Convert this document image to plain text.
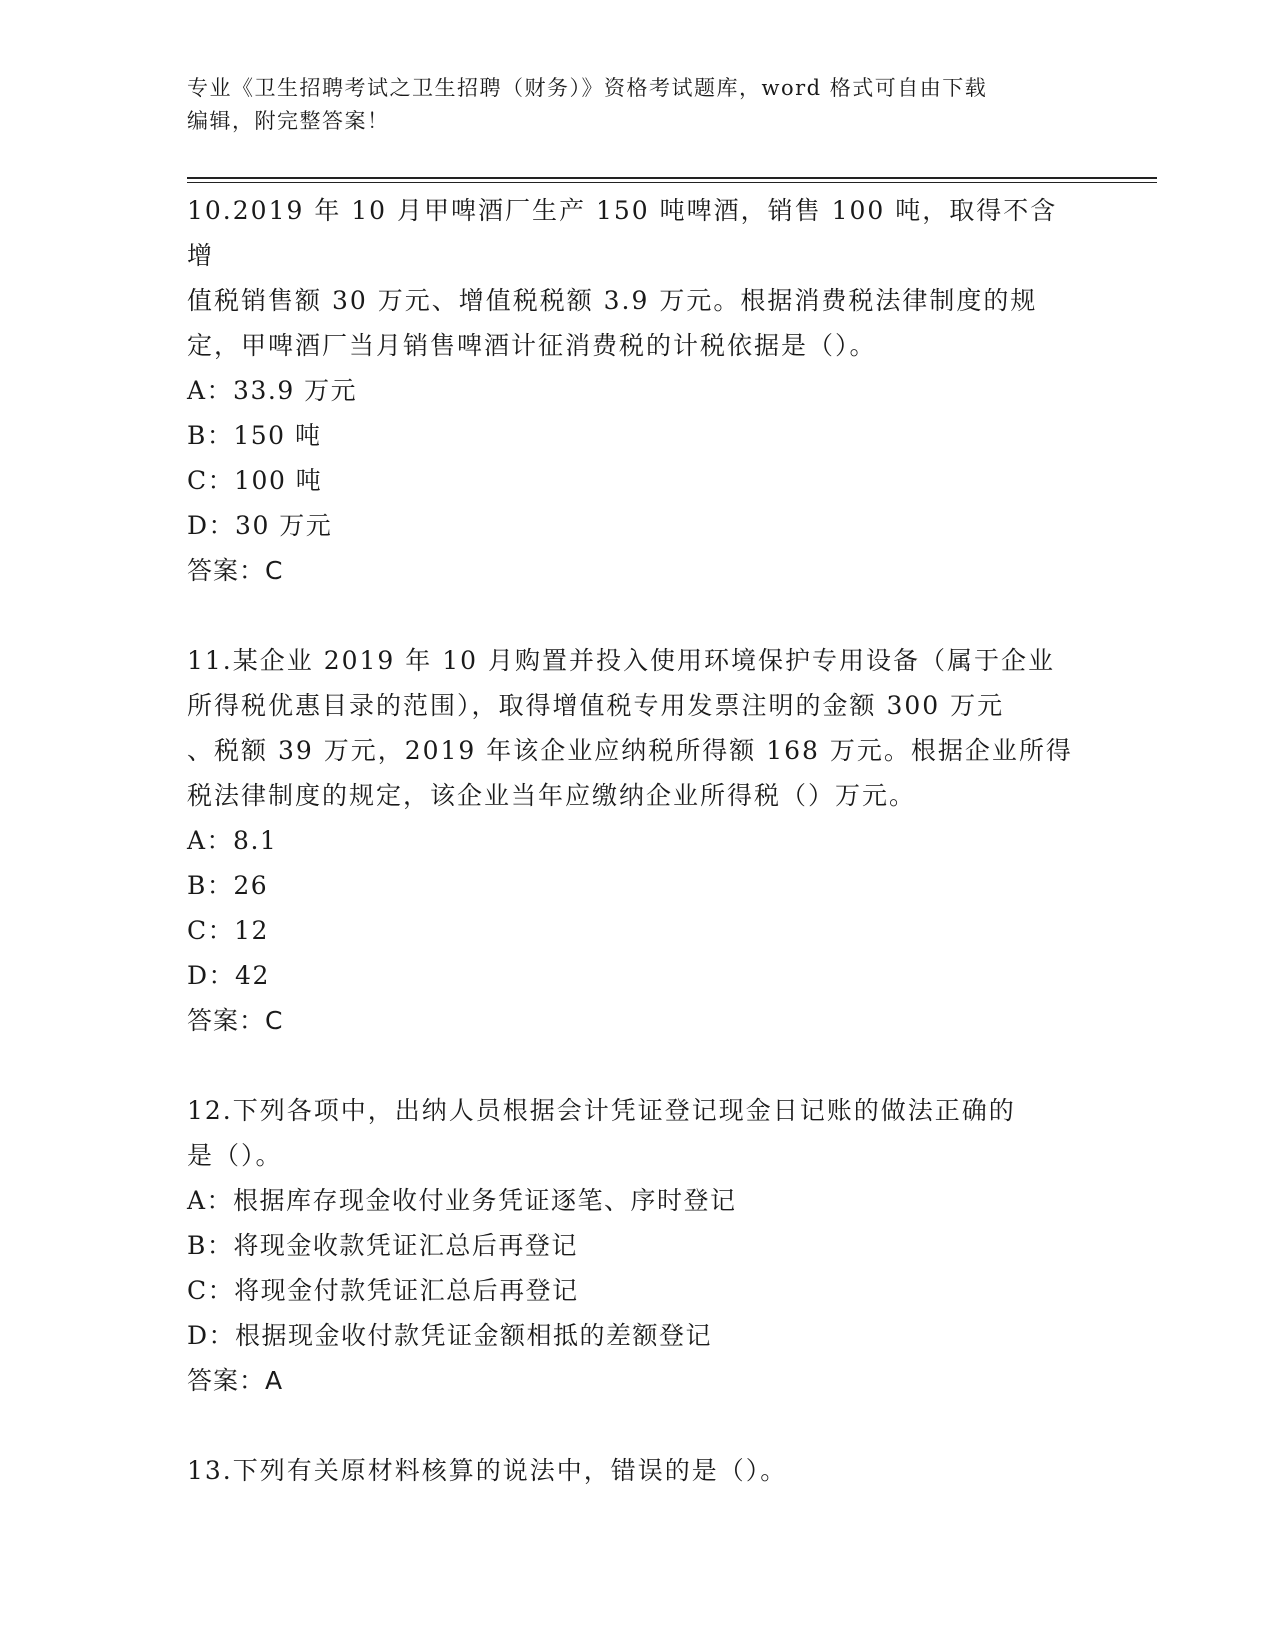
专业《卫生招聘考试之卫生招聘（财务）》资格考试题库，word 格式可自由下载
编辑，附完整答案！

10.2019 年 10 月甲啤酒厂生产 150 吨啤酒，销售 100 吨，取得不含增

值税销售额 30 万元、增值税税额 3.9 万元。根据消费税法律制度的规

定，甲啤酒厂当月销售啤酒计征消费税的计税依据是（）。

A：33.9 万元

B：150 吨

C：100 吨

D：30 万元

答案：C

11.某企业 2019 年 10 月购置并投入使用环境保护专用设备（属于企业

所得税优惠目录的范围），取得增值税专用发票注明的金额 300 万元

、税额 39 万元，2019 年该企业应纳税所得额 168 万元。根据企业所得

税法律制度的规定，该企业当年应缴纳企业所得税（）万元。

A：8.1

B：26

C：12

D：42

答案：C

12.下列各项中，出纳人员根据会计凭证登记现金日记账的做法正确的

是（）。

A：根据库存现金收付业务凭证逐笔、序时登记

B：将现金收款凭证汇总后再登记

C：将现金付款凭证汇总后再登记

D：根据现金收付款凭证金额相抵的差额登记

答案：A

13.下列有关原材料核算的说法中，错误的是（）。
